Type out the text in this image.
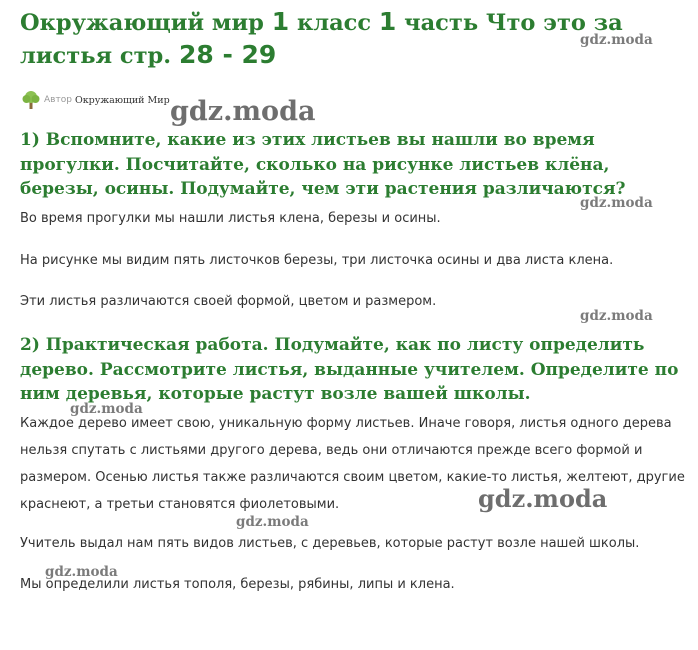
Окружающий мир 1 класс 1 часть Что это за листья стр. 28 - 29
Автор Окружающий Мир
1) Вспомните, какие из этих листьев вы нашли во время прогулки. Посчитайте, сколько на рисунке листьев клёна, березы, осины. Подумайте, чем эти растения различаются?

Во время прогулки мы нашли листья клена, березы и осины.

На рисунке мы видим пять листочков березы, три листочка осины и два листа клена.

Эти листья различаются своей формой, цветом и размером.

2) Практическая работа. Подумайте, как по листу определить дерево. Рассмотрите листья, выданные учителем. Определите по ним деревья, которые растут возле вашей школы.

Каждое дерево имеет свою, уникальную форму листьев. Иначе говоря, листья одного дерева нельзя спутать с листьями другого дерева, ведь они отличаются прежде всего формой и размером. Осенью листья также различаются своим цветом, какие-то листья, желтеют, другие краснеют, а третьи становятся фиолетовыми.

Учитель выдал нам пять видов листьев, с деревьев, которые растут возле нашей школы.

Мы определили листья тополя, березы, рябины, липы и клена.

gdz.moda
gdz.moda
gdz.moda
gdz.moda
gdz.moda
gdz.moda
gdz.moda
gdz.moda
